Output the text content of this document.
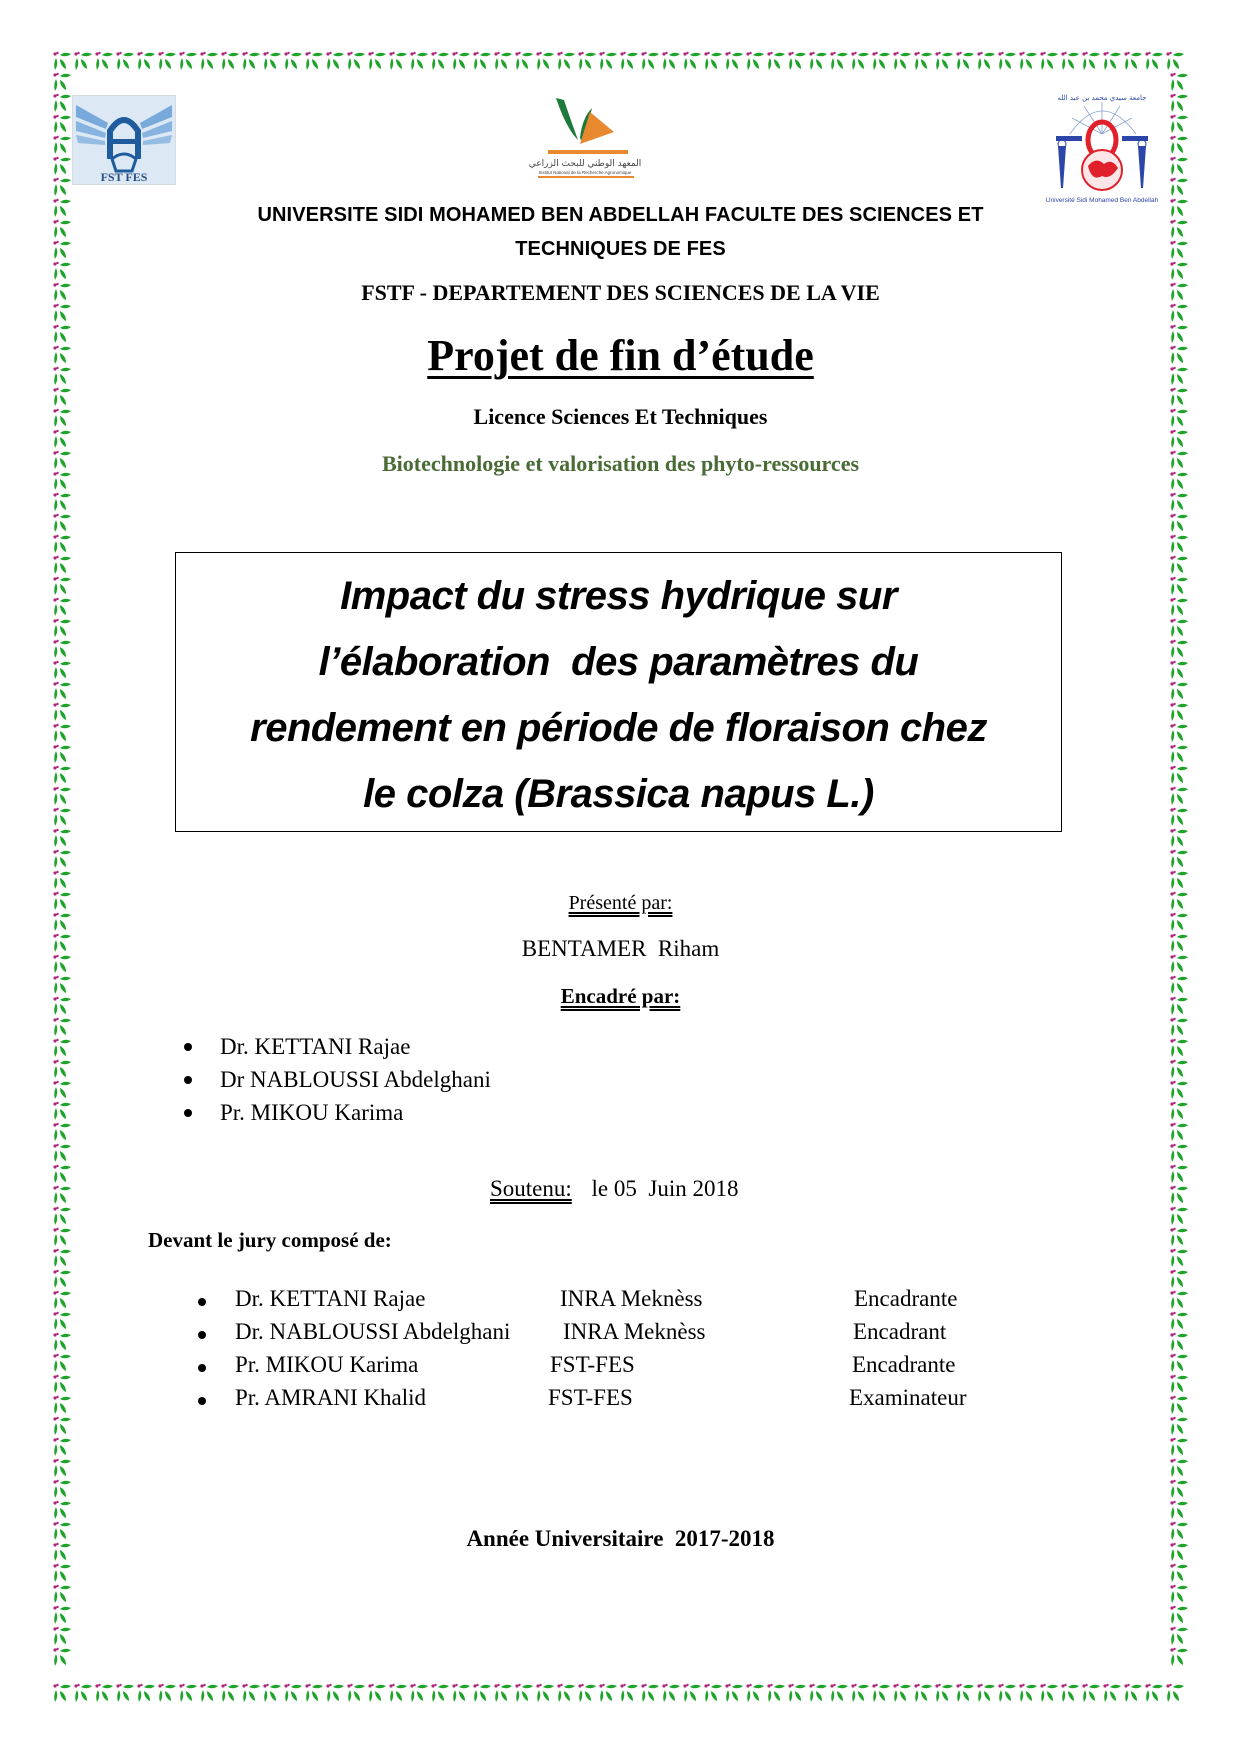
FST FES
المعهد الوطني للبحث الزراعي
Institut National de la Recherche Agronomique
جامعة سيدي محمد بن عبد الله
Université Sidi Mohamed Ben Abdellah
UNIVERSITE SIDI MOHAMED BEN ABDELLAH FACULTE DES SCIENCES ET
TECHNIQUES DE FES
FSTF - DEPARTEMENT DES SCIENCES DE LA VIE
Projet de fin d’étude
Licence Sciences Et Techniques
Biotechnologie et valorisation des phyto-ressources
Impact du stress hydrique sur
l’élaboration  des paramètres du
rendement en période de floraison chez
le colza (Brassica napus L.)
Présenté par:
BENTAMER  Riham
Encadré par:
Dr. KETTANI Rajae
Dr NABLOUSSI Abdelghani
Pr. MIKOU Karima
Soutenu: le 05  Juin 2018
Devant le jury composé de:
Dr. KETTANI Rajae	INRA Meknèss	Encadrante
Dr. NABLOUSSI Abdelghani INRA Meknèss	Encadrant
Pr. MIKOU Karima	FST-FES	Encadrante
Pr. AMRANI Khalid	FST-FES	Examinateur
Année Universitaire  2017-2018
